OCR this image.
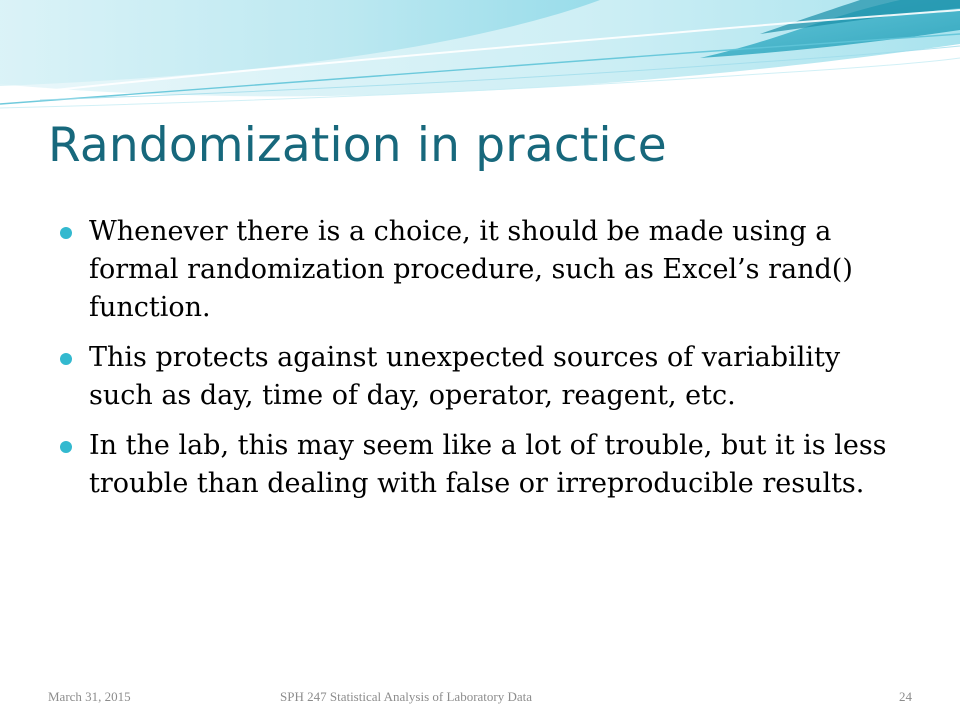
Randomization in practice
Whenever there is a choice, it should be made using a formal randomization procedure, such as Excel’s rand() function.
This protects against unexpected sources of variability such as day, time of day, operator, reagent, etc.
In the lab, this may seem like a lot of trouble, but it is less trouble than dealing with false or irreproducible results.
March 31, 2015	SPH 247 Statistical Analysis of Laboratory Data	24
